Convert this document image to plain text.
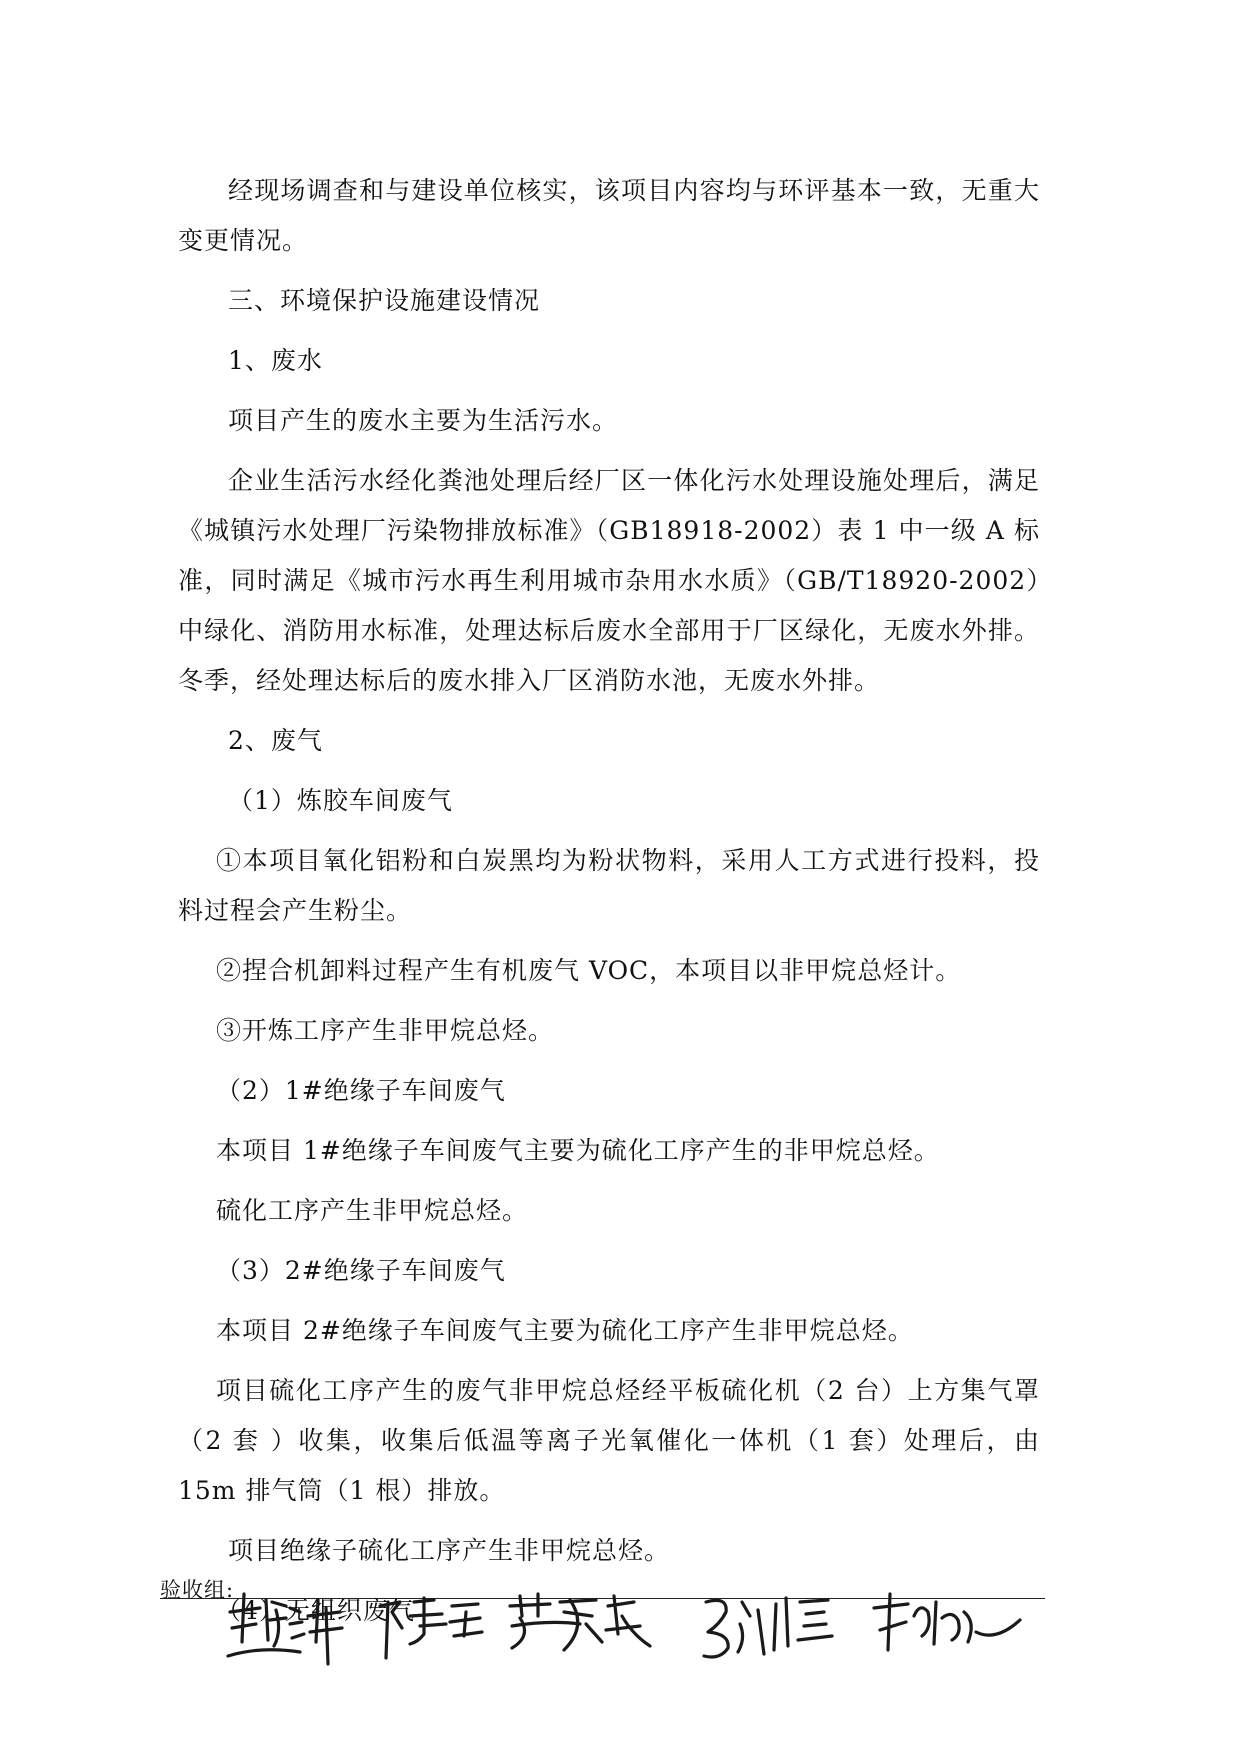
经现场调查和与建设单位核实，该项目内容均与环评基本一致，无重大变更情况。

三、环境保护设施建设情况

1、废水

项目产生的废水主要为生活污水。

企业生活污水经化粪池处理后经厂区一体化污水处理设施处理后，满足《城镇污水处理厂污染物排放标准》（GB18918-2002）表 1 中一级 A 标准，同时满足《城市污水再生利用城市杂用水水质》（GB/T18920-2002）中绿化、消防用水标准，处理达标后废水全部用于厂区绿化，无废水外排。冬季，经处理达标后的废水排入厂区消防水池，无废水外排。

2、废气

（1）炼胶车间废气

①本项目氧化铝粉和白炭黑均为粉状物料，采用人工方式进行投料，投料过程会产生粉尘。

②捏合机卸料过程产生有机废气 VOC，本项目以非甲烷总烃计。

③开炼工序产生非甲烷总烃。

（2）1#绝缘子车间废气

本项目 1#绝缘子车间废气主要为硫化工序产生的非甲烷总烃。

硫化工序产生非甲烷总烃。

（3）2#绝缘子车间废气

本项目 2#绝缘子车间废气主要为硫化工序产生非甲烷总烃。

项目硫化工序产生的废气非甲烷总烃经平板硫化机（2 台）上方集气罩（2 套 ）收集，收集后低温等离子光氧催化一体机（1 套）处理后，由 15m 排气筒（1 根）排放。

项目绝缘子硫化工序产生非甲烷总烃。

（4）无组织废气

验收组:
